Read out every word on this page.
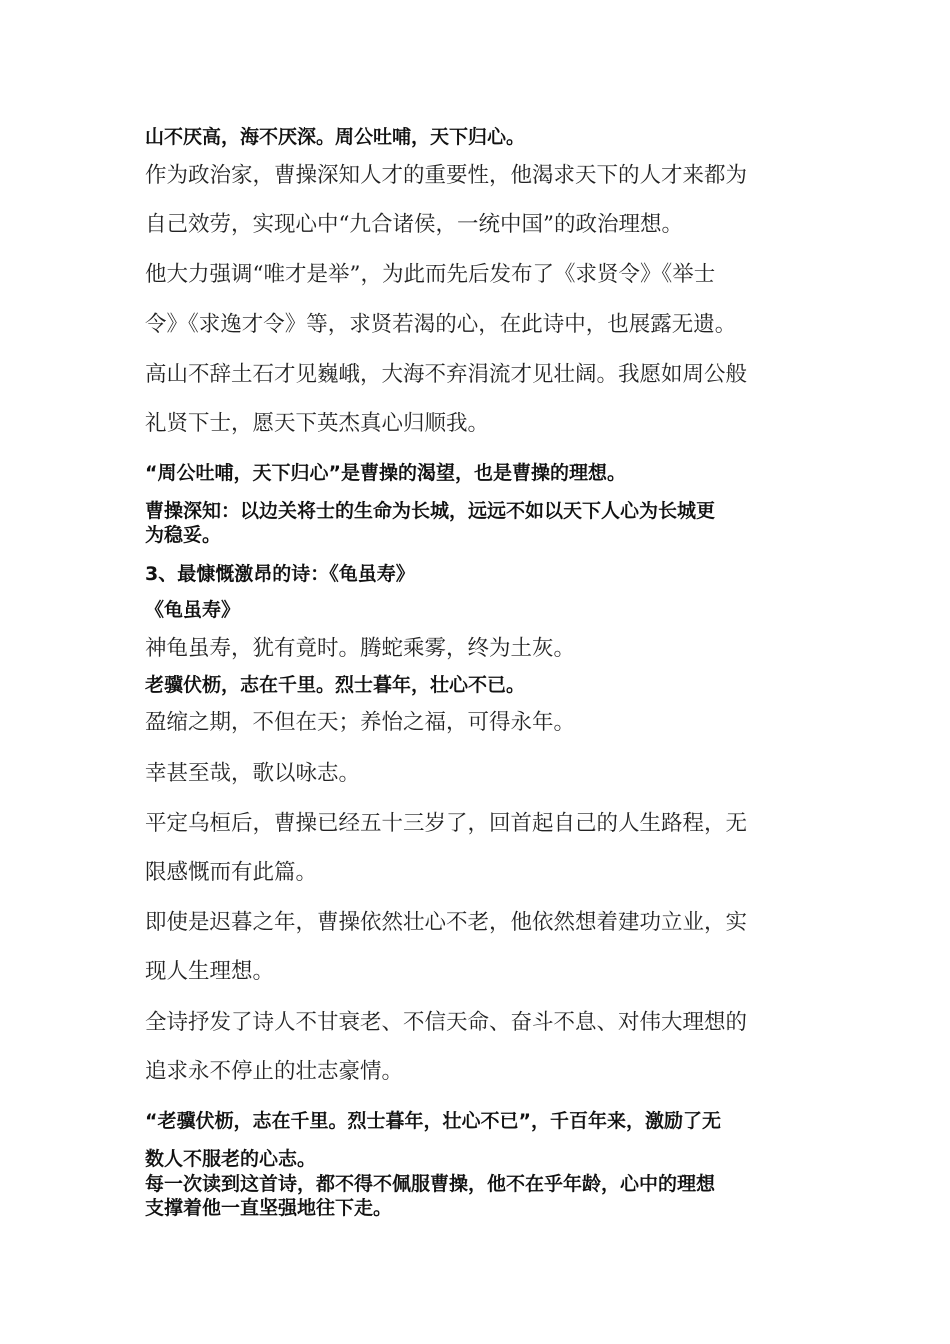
山不厌高，海不厌深。周公吐哺，天下归心。

作为政治家，曹操深知人才的重要性，他渴求天下的人才来都为

自己效劳，实现心中“九合诸侯，一统中国”的政治理想。

他大力强调“唯才是举”，为此而先后发布了《求贤令》《举士

令》《求逸才令》等，求贤若渴的心，在此诗中，也展露无遗。

高山不辞土石才见巍峨，大海不弃涓流才见壮阔。我愿如周公般

礼贤下士，愿天下英杰真心归顺我。

“周公吐哺，天下归心”是曹操的渴望，也是曹操的理想。

曹操深知：以边关将士的生命为长城，远远不如以天下人心为长城更

为稳妥。

3、最慷慨激昂的诗：《龟虽寿》

《龟虽寿》

神龟虽寿，犹有竟时。腾蛇乘雾，终为土灰。

老骥伏枥，志在千里。烈士暮年，壮心不已。

盈缩之期，不但在天；养怡之福，可得永年。

幸甚至哉，歌以咏志。

平定乌桓后，曹操已经五十三岁了，回首起自己的人生路程，无

限感慨而有此篇。

即使是迟暮之年，曹操依然壮心不老，他依然想着建功立业，实

现人生理想。

全诗抒发了诗人不甘衰老、不信天命、奋斗不息、对伟大理想的

追求永不停止的壮志豪情。

“老骥伏枥，志在千里。烈士暮年，壮心不已”，千百年来，激励了无

数人不服老的心志。

每一次读到这首诗，都不得不佩服曹操，他不在乎年龄，心中的理想

支撑着他一直坚强地往下走。
